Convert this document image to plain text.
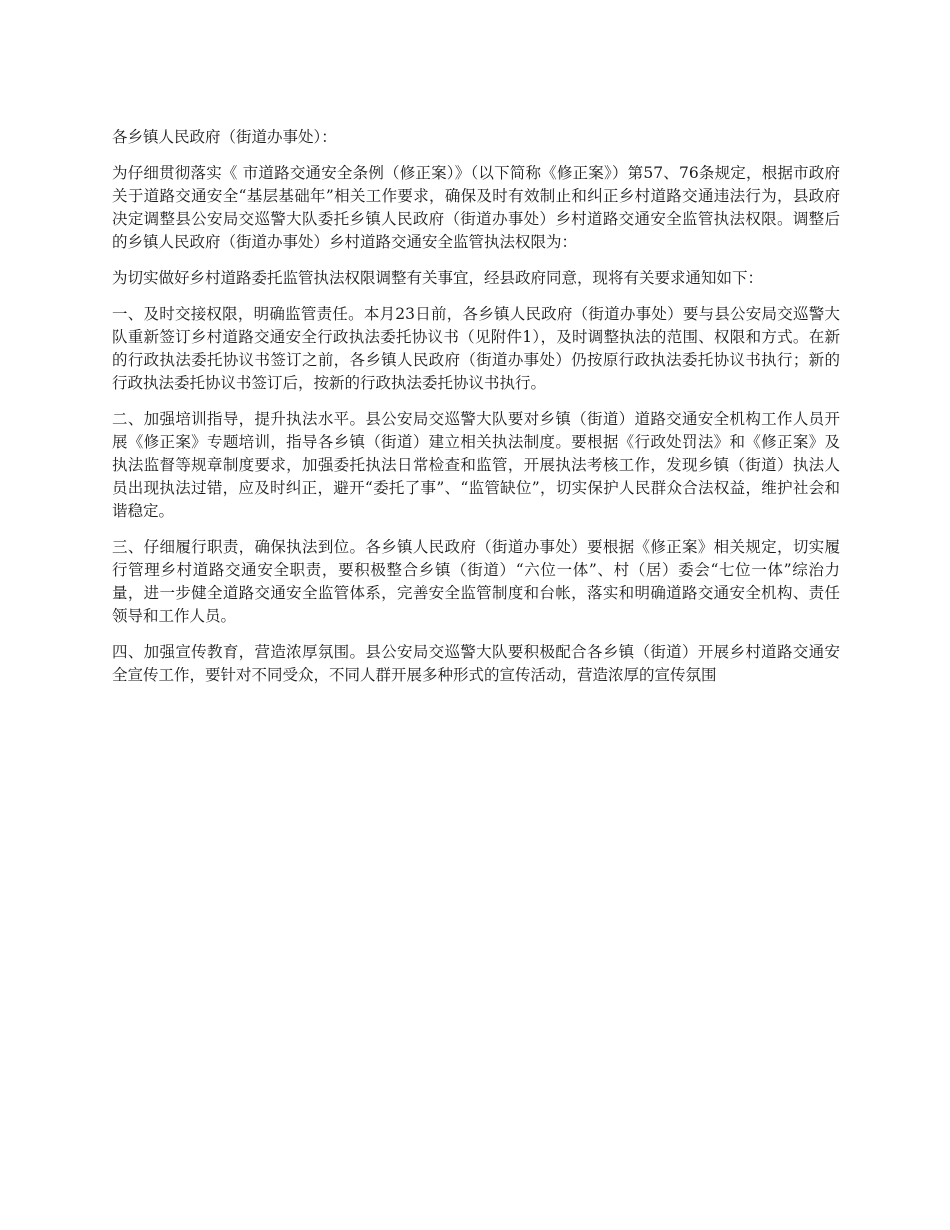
各乡镇人民政府（街道办事处）：

为仔细贯彻落实《 市道路交通安全条例（修正案）》（以下简称《修正案》）第57、76条规定，根据市政府关于道路交通安全“基层基础年”相关工作要求，确保及时有效制止和纠正乡村道路交通违法行为，县政府决定调整县公安局交巡警大队委托乡镇人民政府（街道办事处）乡村道路交通安全监管执法权限。调整后的乡镇人民政府（街道办事处）乡村道路交通安全监管执法权限为：

为切实做好乡村道路委托监管执法权限调整有关事宜，经县政府同意，现将有关要求通知如下：

一、及时交接权限，明确监管责任。本月23日前，各乡镇人民政府（街道办事处）要与县公安局交巡警大队重新签订乡村道路交通安全行政执法委托协议书（见附件1），及时调整执法的范围、权限和方式。在新的行政执法委托协议书签订之前，各乡镇人民政府（街道办事处）仍按原行政执法委托协议书执行；新的行政执法委托协议书签订后，按新的行政执法委托协议书执行。

二、加强培训指导，提升执法水平。县公安局交巡警大队要对乡镇（街道）道路交通安全机构工作人员开展《修正案》专题培训，指导各乡镇（街道）建立相关执法制度。要根据《行政处罚法》和《修正案》及执法监督等规章制度要求，加强委托执法日常检查和监管，开展执法考核工作，发现乡镇（街道）执法人员出现执法过错，应及时纠正，避开“委托了事”、“监管缺位”，切实保护人民群众合法权益，维护社会和谐稳定。

三、仔细履行职责，确保执法到位。各乡镇人民政府（街道办事处）要根据《修正案》相关规定，切实履行管理乡村道路交通安全职责，要积极整合乡镇（街道）“六位一体”、村（居）委会“七位一体”综治力量，进一步健全道路交通安全监管体系，完善安全监管制度和台帐，落实和明确道路交通安全机构、责任领导和工作人员。

四、加强宣传教育，营造浓厚氛围。县公安局交巡警大队要积极配合各乡镇（街道）开展乡村道路交通安全宣传工作，要针对不同受众，不同人群开展多种形式的宣传活动，营造浓厚的宣传氛围
